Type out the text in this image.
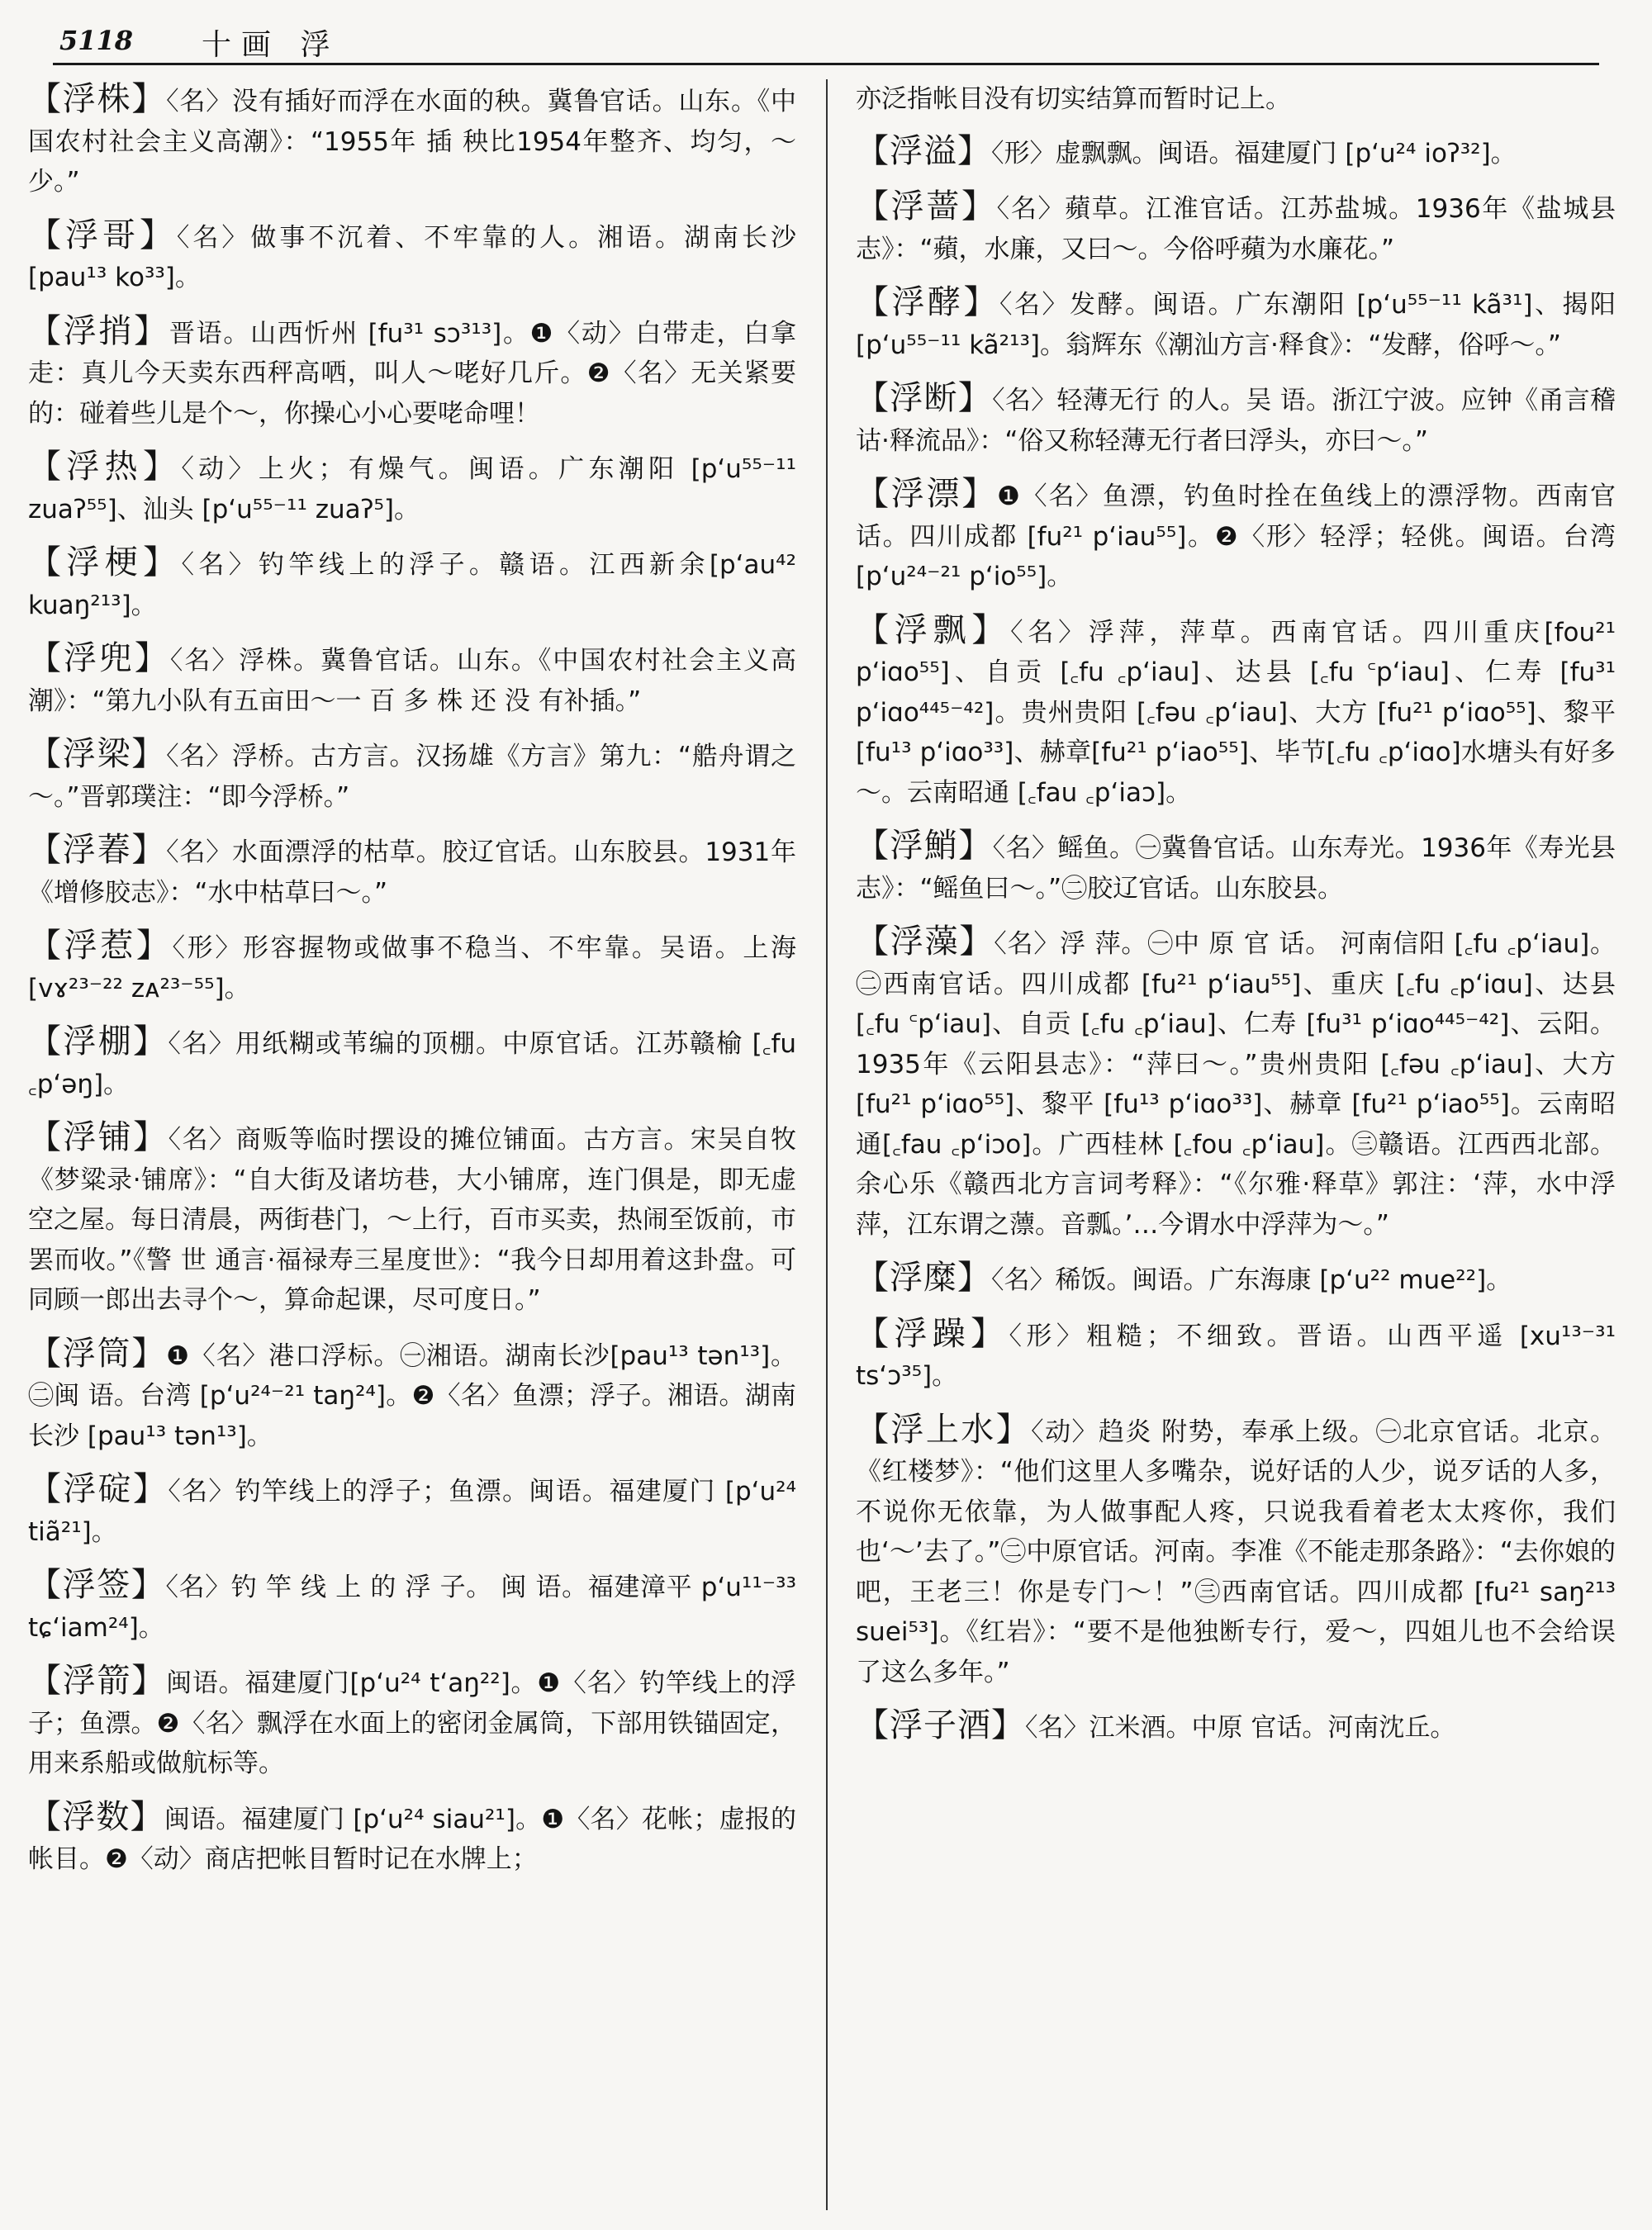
5118 十画 浮
【浮株】〈名〉没有插好而浮在水面的秧。冀鲁官话。山东。《中国农村社会主义高潮》：“1955年 插 秧比1954年整齐、均匀，～少。”
【浮哥】〈名〉做事不沉着、不牢靠的人。湘语。湖南长沙 [pau¹³ ko³³]。
【浮捎】晋语。山西忻州 [fu³¹ sɔ³¹³]。❶〈动〉白带走，白拿走：真儿今天卖东西秤高哂，叫人～咾好几斤。❷〈名〉无关紧要的：碰着些儿是个～，你操心小心要咾命哩！
【浮热】〈动〉上火；有燥气。闽语。广东潮阳 [pʻu⁵⁵⁻¹¹ zuaʔ⁵⁵]、汕头 [pʻu⁵⁵⁻¹¹ zuaʔ⁵]。
【浮梗】〈名〉钓竿线上的浮子。赣语。江西新余[pʻau⁴² kuaŋ²¹³]。
【浮兜】〈名〉浮株。冀鲁官话。山东。《中国农村社会主义高潮》：“第九小队有五亩田～一 百 多 株 还 没 有补插。”
【浮梁】〈名〉浮桥。古方言。汉扬雄《方言》第九：“艁舟谓之～。”晋郭璞注：“即今浮桥。”
【浮萶】〈名〉水面漂浮的枯草。胶辽官话。山东胶县。1931年《增修胶志》：“水中枯草曰～。”
【浮惹】〈形〉形容握物或做事不稳当、不牢靠。吴语。上海 [vɤ²³⁻²² zᴀ²³⁻⁵⁵]。
【浮棚】〈名〉用纸糊或苇编的顶棚。中原官话。江苏赣榆 [꜀fu ꜀pʻəŋ]。
【浮铺】〈名〉商贩等临时摆设的摊位铺面。古方言。宋吴自牧《梦粱录·铺席》：“自大街及诸坊巷，大小铺席，连门俱是，即无虚空之屋。每日清晨，两街巷门，～上行，百市买卖，热闹至饭前，市罢而收。”《警 世 通言·福禄寿三星度世》：“我今日却用着这卦盘。可同顾一郎出去寻个～，算命起课，尽可度日。”
【浮筒】❶〈名〉港口浮标。㊀湘语。湖南长沙[pau¹³ tən¹³]。㊁闽 语。台湾 [pʻu²⁴⁻²¹ taŋ²⁴]。❷〈名〉鱼漂；浮子。湘语。湖南长沙 [pau¹³ tən¹³]。
【浮碇】〈名〉钓竿线上的浮子；鱼漂。闽语。福建厦门 [pʻu²⁴ tiã²¹]。
【浮签】〈名〉钓 竿 线 上 的 浮 子。 闽 语。福建漳平 pʻu¹¹⁻³³ tɕʻiam²⁴]。
【浮箭】闽语。福建厦门[pʻu²⁴ tʻaŋ²²]。❶〈名〉钓竿线上的浮子；鱼漂。❷〈名〉飘浮在水面上的密闭金属筒，下部用铁锚固定，用来系船或做航标等。
【浮数】闽语。福建厦门 [pʻu²⁴ siau²¹]。❶〈名〉花帐；虚报的帐目。❷〈动〉商店把帐目暂时记在水牌上；
亦泛指帐目没有切实结算而暂时记上。
【浮溢】〈形〉虚飘飘。闽语。福建厦门 [pʻu²⁴ ioʔ³²]。
【浮蔷】〈名〉蘋草。江淮官话。江苏盐城。1936年《盐城县志》：“蘋，水廉，又曰～。今俗呼蘋为水廉花。”
【浮酵】〈名〉发酵。闽语。广东潮阳 [pʻu⁵⁵⁻¹¹ kã³¹]、揭阳 [pʻu⁵⁵⁻¹¹ kã²¹³]。翁辉东《潮汕方言·释食》：“发酵，俗呼～。”
【浮断】〈名〉轻薄无行 的人。吴 语。浙江宁波。应钟《甬言稽诂·释流品》：“俗又称轻薄无行者曰浮头，亦曰～。”
【浮漂】❶〈名〉鱼漂，钓鱼时拴在鱼线上的漂浮物。西南官话。四川成都 [fu²¹ pʻiau⁵⁵]。❷〈形〉轻浮；轻佻。闽语。台湾 [pʻu²⁴⁻²¹ pʻio⁵⁵]。
【浮飘】〈名〉浮萍，萍草。西南官话。四川重庆[fou²¹ pʻiɑo⁵⁵]、自贡 [꜀fu ꜀pʻiau]、达县 [꜀fu ꜂pʻiau]、仁寿 [fu³¹ pʻiɑo⁴⁴⁵⁻⁴²]。贵州贵阳 [꜀fəu ꜀pʻiau]、大方 [fu²¹ pʻiɑo⁵⁵]、黎平 [fu¹³ pʻiɑo³³]、赫章[fu²¹ pʻiao⁵⁵]、毕节[꜀fu ꜀pʻiɑo]水塘头有好多～。云南昭通 [꜀fau ꜀pʻiaɔ]。
【浮鮹】〈名〉鳐鱼。㊀冀鲁官话。山东寿光。1936年《寿光县志》：“鳐鱼曰～。”㊁胶辽官话。山东胶县。
【浮藻】〈名〉浮 萍。㊀中 原 官 话。 河南信阳 [꜀fu ꜀pʻiau]。㊁西南官话。四川成都 [fu²¹ pʻiau⁵⁵]、重庆 [꜀fu ꜀pʻiɑu]、达县 [꜀fu ꜂pʻiau]、自贡 [꜀fu ꜀pʻiau]、仁寿 [fu³¹ pʻiɑo⁴⁴⁵⁻⁴²]、云阳。1935年《云阳县志》：“萍曰～。”贵州贵阳 [꜀fəu ꜀pʻiau]、大方[fu²¹ pʻiɑo⁵⁵]、黎平 [fu¹³ pʻiɑo³³]、赫章 [fu²¹ pʻiao⁵⁵]。云南昭通[꜀fau ꜀pʻiɔo]。广西桂林 [꜀fou ꜀pʻiau]。㊂赣语。江西西北部。余心乐《赣西北方言词考释》：“《尔雅·释草》郭注：‘萍，水中浮萍，江东谓之薸。音瓢。’…今谓水中浮萍为～。”
【浮糜】〈名〉稀饭。闽语。广东海康 [pʻu²² mue²²]。
【浮躁】〈形〉粗糙；不细致。晋语。山西平遥 [xu¹³⁻³¹ tsʻɔ³⁵]。
【浮上水】〈动〉趋炎 附势，奉承上级。㊀北京官话。北京。《红楼梦》：“他们这里人多嘴杂，说好话的人少，说歹话的人多，不说你无依靠，为人做事配人疼，只说我看着老太太疼你，我们也‘～’去了。”㊁中原官话。河南。李准《不能走那条路》：“去你娘的吧，王老三！你是专门～！”㊂西南官话。四川成都 [fu²¹ saŋ²¹³ suei⁵³]。《红岩》：“要不是他独断专行，爱～，四姐儿也不会给误了这么多年。”
【浮子酒】〈名〉江米酒。中原 官话。河南沈丘。
